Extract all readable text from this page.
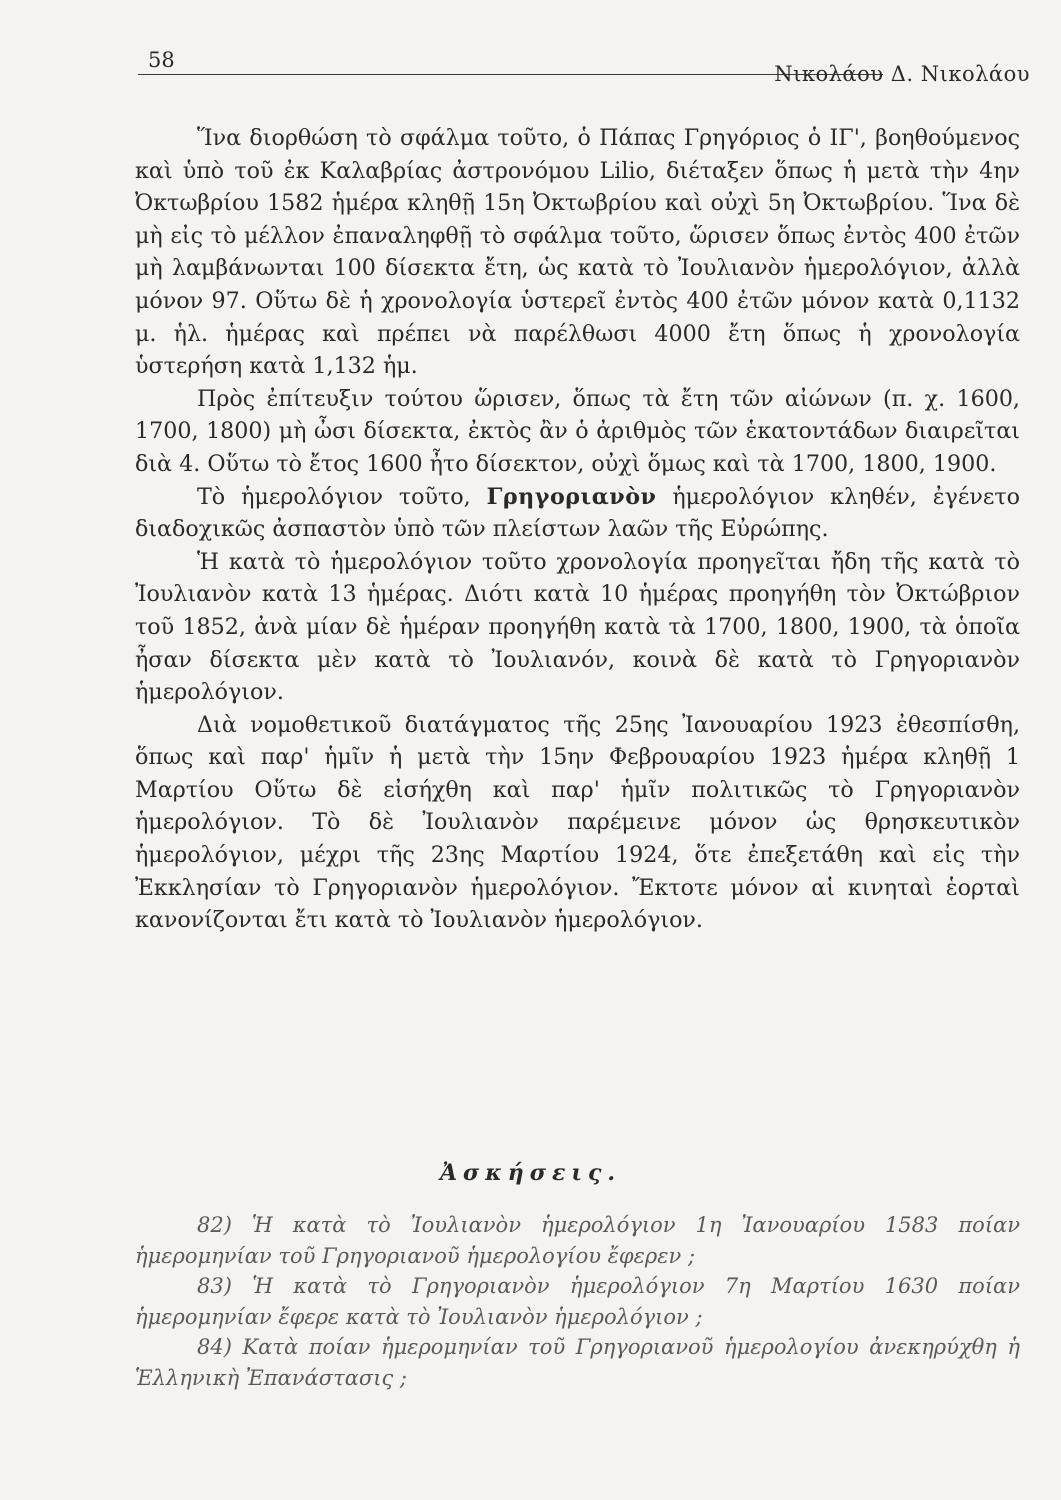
58
Νικολάου Δ. Νικολάου

Ἵνα διορθώση τὸ σφάλμα τοῦτο, ὁ Πάπας Γρηγόριος ὁ ΙΓ', βοηθούμενος καὶ ὑπὸ τοῦ ἐκ Καλαβρίας ἀστρονόμου Lilio, διέταξεν ὅπως ἡ μετὰ τὴν 4ην Ὀκτωβρίου 1582 ἡμέρα κληθῇ 15η Ὀκτωβρίου καὶ οὐχὶ 5η Ὀκτωβρίου. Ἵνα δὲ μὴ εἰς τὸ μέλλον ἐπαναληφθῇ τὸ σφάλμα τοῦτο, ὥρισεν ὅπως ἐντὸς 400 ἐτῶν μὴ λαμβάνωνται 100 δίσεκτα ἔτη, ὡς κατὰ τὸ Ἰουλιανὸν ἡμερολόγιον, ἀλλὰ μόνον 97. Οὕτω δὲ ἡ χρονολογία ὑστερεῖ ἐντὸς 400 ἐτῶν μόνον κατὰ 0,1132 μ. ἡλ. ἡμέρας καὶ πρέπει νὰ παρέλθωσι 4000 ἔτη ὅπως ἡ χρονολογία ὑστερήση κατὰ 1,132 ἡμ.

Πρὸς ἐπίτευξιν τούτου ὥρισεν, ὅπως τὰ ἔτη τῶν αἰώνων (π. χ. 1600, 1700, 1800) μὴ ὦσι δίσεκτα, ἐκτὸς ἂν ὁ ἀριθμὸς τῶν ἑκατοντάδων διαιρεῖται διὰ 4. Οὕτω τὸ ἔτος 1600 ἦτο δίσεκτον, οὐχὶ ὅμως καὶ τὰ 1700, 1800, 1900.

Τὸ ἡμερολόγιον τοῦτο, Γρηγοριανὸν ἡμερολόγιον κληθέν, ἐγένετο διαδοχικῶς ἀσπαστὸν ὑπὸ τῶν πλείστων λαῶν τῆς Εὐρώπης.

Ἡ κατὰ τὸ ἡμερολόγιον τοῦτο χρονολογία προηγεῖται ἤδη τῆς κατὰ τὸ Ἰουλιανὸν κατὰ 13 ἡμέρας. Διότι κατὰ 10 ἡμέρας προηγήθη τὸν Ὀκτώβριον τοῦ 1852, ἀνὰ μίαν δὲ ἡμέραν προηγήθη κατὰ τὰ 1700, 1800, 1900, τὰ ὁποῖα ἦσαν δίσεκτα μὲν κατὰ τὸ Ἰουλιανόν, κοινὰ δὲ κατὰ τὸ Γρηγοριανὸν ἡμερολόγιον.

Διὰ νομοθετικοῦ διατάγματος τῆς 25ης Ἰανουαρίου 1923 ἐθεσπίσθη, ὅπως καὶ παρ' ἡμῖν ἡ μετὰ τὴν 15ην Φεβρουαρίου 1923 ἡμέρα κληθῇ 1 Μαρτίου Οὕτω δὲ εἰσήχθη καὶ παρ' ἡμῖν πολιτικῶς τὸ Γρηγοριανὸν ἡμερολόγιον. Τὸ δὲ Ἰουλιανὸν παρέμεινε μόνον ὡς θρησκευτικὸν ἡμερολόγιον, μέχρι τῆς 23ης Μαρτίου 1924, ὅτε ἐπεξετάθη καὶ εἰς τὴν Ἐκκλησίαν τὸ Γρηγοριανὸν ἡμερολόγιον. Ἔκτοτε μόνον αἱ κινηταὶ ἑορταὶ κανονίζονται ἔτι κατὰ τὸ Ἰουλιανὸν ἡμερολόγιον.

Ἀσκήσεις.

82) Ἡ κατὰ τὸ Ἰουλιανὸν ἡμερολόγιον 1η Ἰανουαρίου 1583 ποίαν ἡμερομηνίαν τοῦ Γρηγοριανοῦ ἡμερολογίου ἔφερεν ;

83) Ἡ κατὰ τὸ Γρηγοριανὸν ἡμερολόγιον 7η Μαρτίου 1630 ποίαν ἡμερομηνίαν ἔφερε κατὰ τὸ Ἰουλιανὸν ἡμερολόγιον ;

84) Κατὰ ποίαν ἡμερομηνίαν τοῦ Γρηγοριανοῦ ἡμερολογίου ἀνεκηρύχθη ἡ Ἑλληνικὴ Ἐπανάστασις ;
